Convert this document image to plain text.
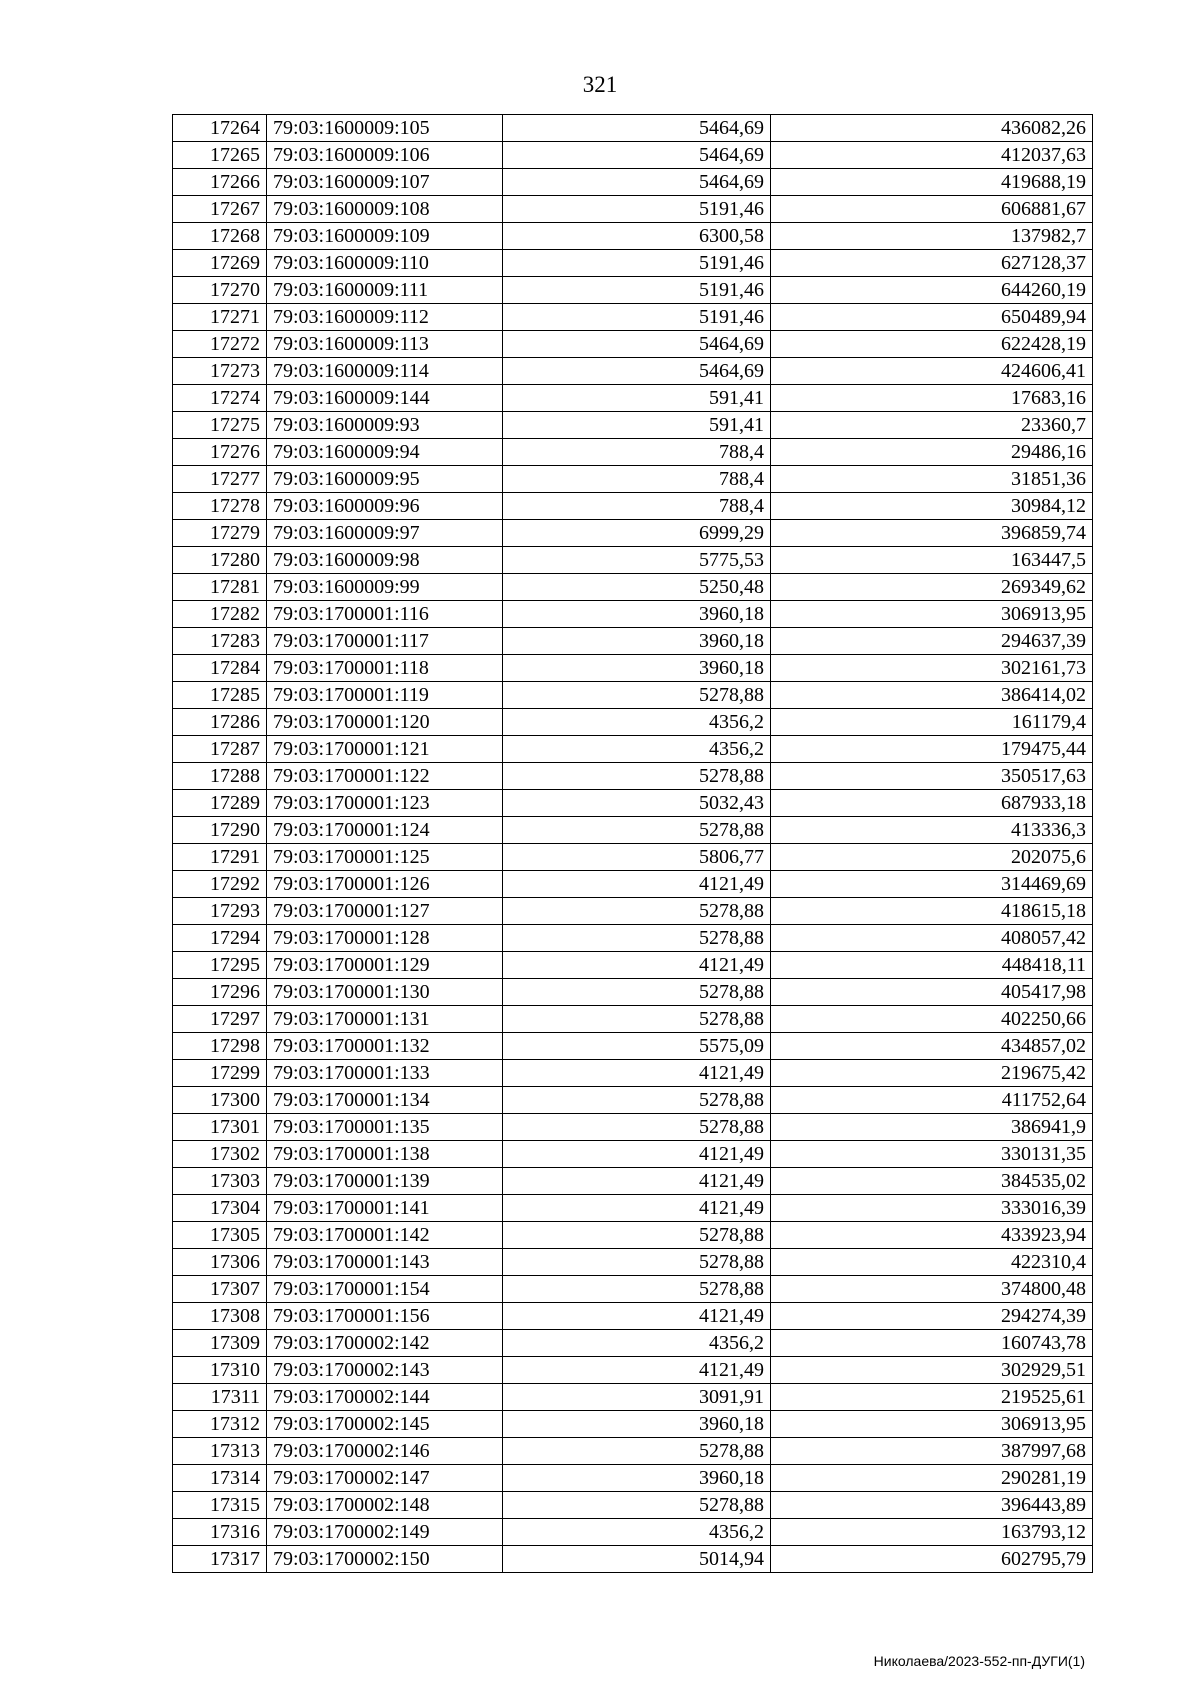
321
17264	79:03:1600009:105	5464,69	436082,26
17265	79:03:1600009:106	5464,69	412037,63
17266	79:03:1600009:107	5464,69	419688,19
17267	79:03:1600009:108	5191,46	606881,67
17268	79:03:1600009:109	6300,58	137982,7
17269	79:03:1600009:110	5191,46	627128,37
17270	79:03:1600009:111	5191,46	644260,19
17271	79:03:1600009:112	5191,46	650489,94
17272	79:03:1600009:113	5464,69	622428,19
17273	79:03:1600009:114	5464,69	424606,41
17274	79:03:1600009:144	591,41	17683,16
17275	79:03:1600009:93	591,41	23360,7
17276	79:03:1600009:94	788,4	29486,16
17277	79:03:1600009:95	788,4	31851,36
17278	79:03:1600009:96	788,4	30984,12
17279	79:03:1600009:97	6999,29	396859,74
17280	79:03:1600009:98	5775,53	163447,5
17281	79:03:1600009:99	5250,48	269349,62
17282	79:03:1700001:116	3960,18	306913,95
17283	79:03:1700001:117	3960,18	294637,39
17284	79:03:1700001:118	3960,18	302161,73
17285	79:03:1700001:119	5278,88	386414,02
17286	79:03:1700001:120	4356,2	161179,4
17287	79:03:1700001:121	4356,2	179475,44
17288	79:03:1700001:122	5278,88	350517,63
17289	79:03:1700001:123	5032,43	687933,18
17290	79:03:1700001:124	5278,88	413336,3
17291	79:03:1700001:125	5806,77	202075,6
17292	79:03:1700001:126	4121,49	314469,69
17293	79:03:1700001:127	5278,88	418615,18
17294	79:03:1700001:128	5278,88	408057,42
17295	79:03:1700001:129	4121,49	448418,11
17296	79:03:1700001:130	5278,88	405417,98
17297	79:03:1700001:131	5278,88	402250,66
17298	79:03:1700001:132	5575,09	434857,02
17299	79:03:1700001:133	4121,49	219675,42
17300	79:03:1700001:134	5278,88	411752,64
17301	79:03:1700001:135	5278,88	386941,9
17302	79:03:1700001:138	4121,49	330131,35
17303	79:03:1700001:139	4121,49	384535,02
17304	79:03:1700001:141	4121,49	333016,39
17305	79:03:1700001:142	5278,88	433923,94
17306	79:03:1700001:143	5278,88	422310,4
17307	79:03:1700001:154	5278,88	374800,48
17308	79:03:1700001:156	4121,49	294274,39
17309	79:03:1700002:142	4356,2	160743,78
17310	79:03:1700002:143	4121,49	302929,51
17311	79:03:1700002:144	3091,91	219525,61
17312	79:03:1700002:145	3960,18	306913,95
17313	79:03:1700002:146	5278,88	387997,68
17314	79:03:1700002:147	3960,18	290281,19
17315	79:03:1700002:148	5278,88	396443,89
17316	79:03:1700002:149	4356,2	163793,12
17317	79:03:1700002:150	5014,94	602795,79
Николаева/2023-552-пп-ДУГИ(1)
